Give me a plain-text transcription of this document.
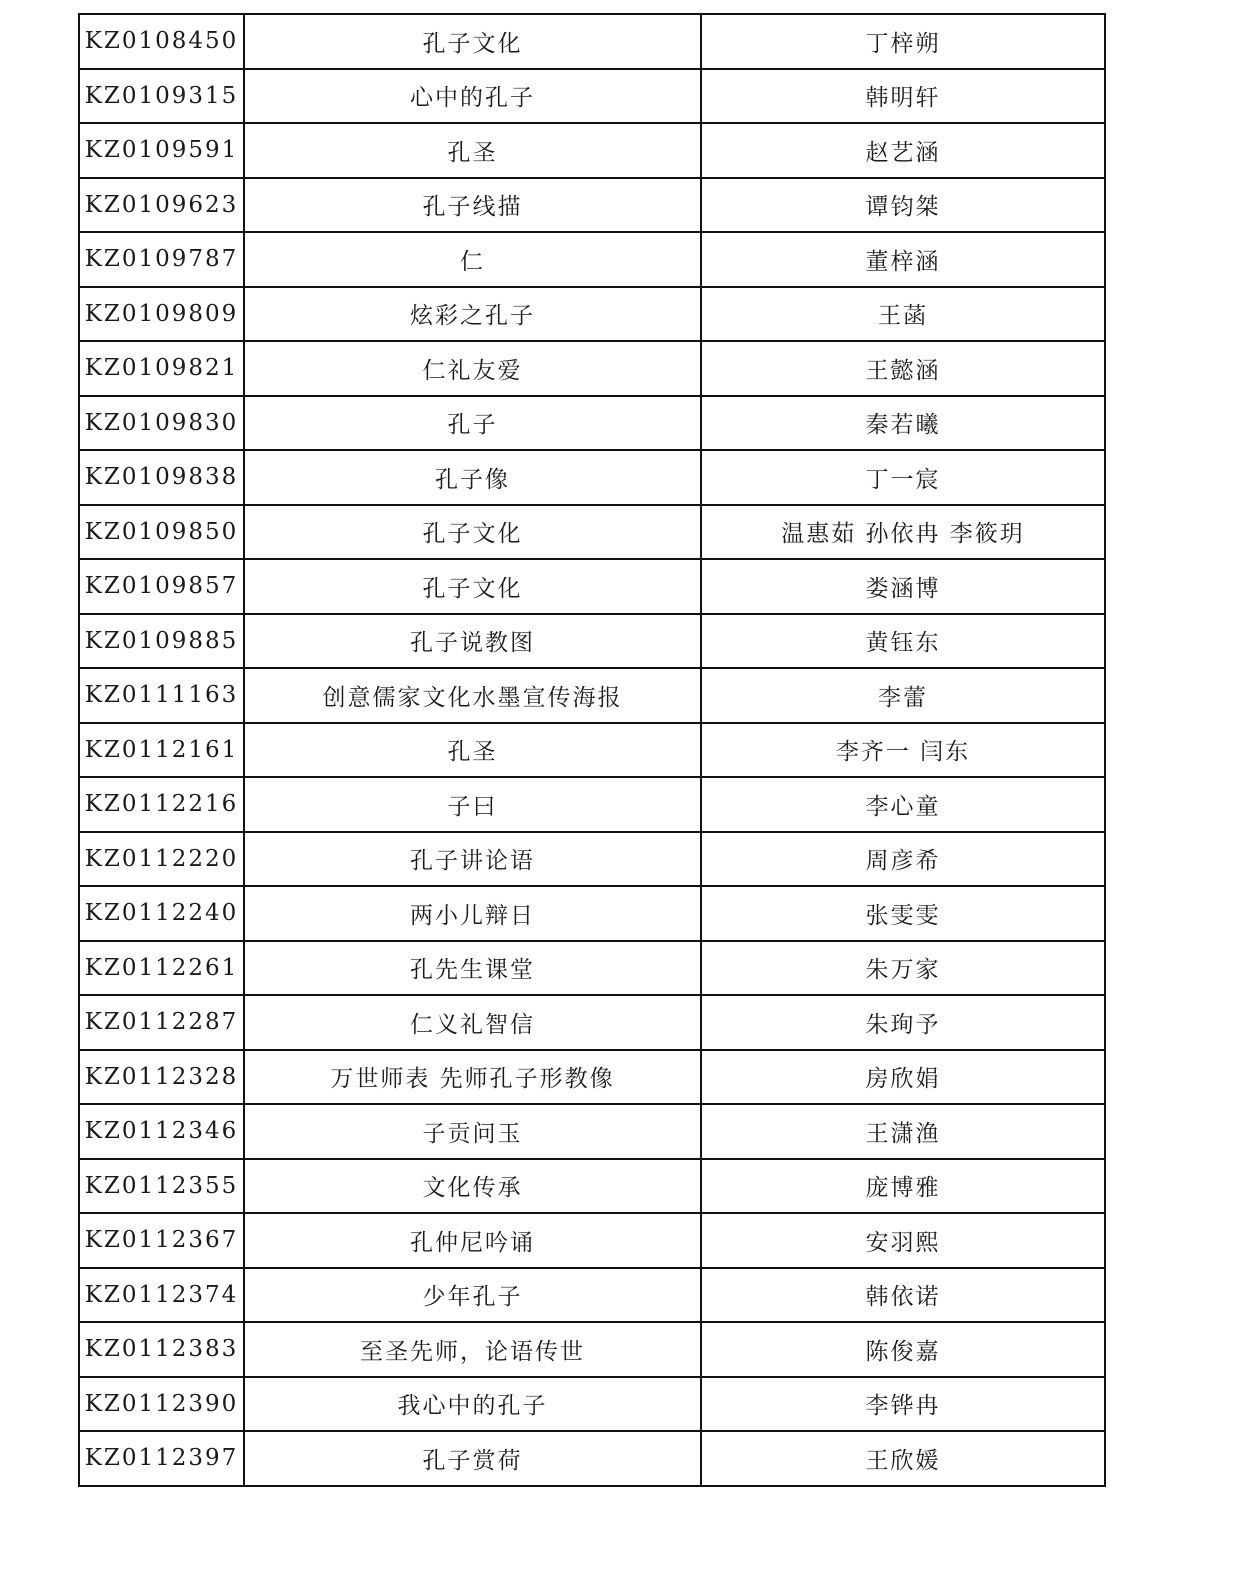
KZ0108450	孔子文化	丁梓朔
KZ0109315	心中的孔子	韩明轩
KZ0109591	孔圣	赵艺涵
KZ0109623	孔子线描	谭钧桀
KZ0109787	仁	董梓涵
KZ0109809	炫彩之孔子	王菡
KZ0109821	仁礼友爱	王懿涵
KZ0109830	孔子	秦若曦
KZ0109838	孔子像	丁一宸
KZ0109850	孔子文化	温惠茹 孙依冉 李筱玥
KZ0109857	孔子文化	娄涵博
KZ0109885	孔子说教图	黄钰东
KZ0111163	创意儒家文化水墨宣传海报	李蕾
KZ0112161	孔圣	李齐一 闫东
KZ0112216	子曰	李心童
KZ0112220	孔子讲论语	周彦希
KZ0112240	两小儿辩日	张雯雯
KZ0112261	孔先生课堂	朱万家
KZ0112287	仁义礼智信	朱珣予
KZ0112328	万世师表 先师孔子形教像	房欣娟
KZ0112346	子贡问玉	王潇渔
KZ0112355	文化传承	庞博雅
KZ0112367	孔仲尼吟诵	安羽熙
KZ0112374	少年孔子	韩依诺
KZ0112383	至圣先师，论语传世	陈俊嘉
KZ0112390	我心中的孔子	李铧冉
KZ0112397	孔子赏荷	王欣媛
